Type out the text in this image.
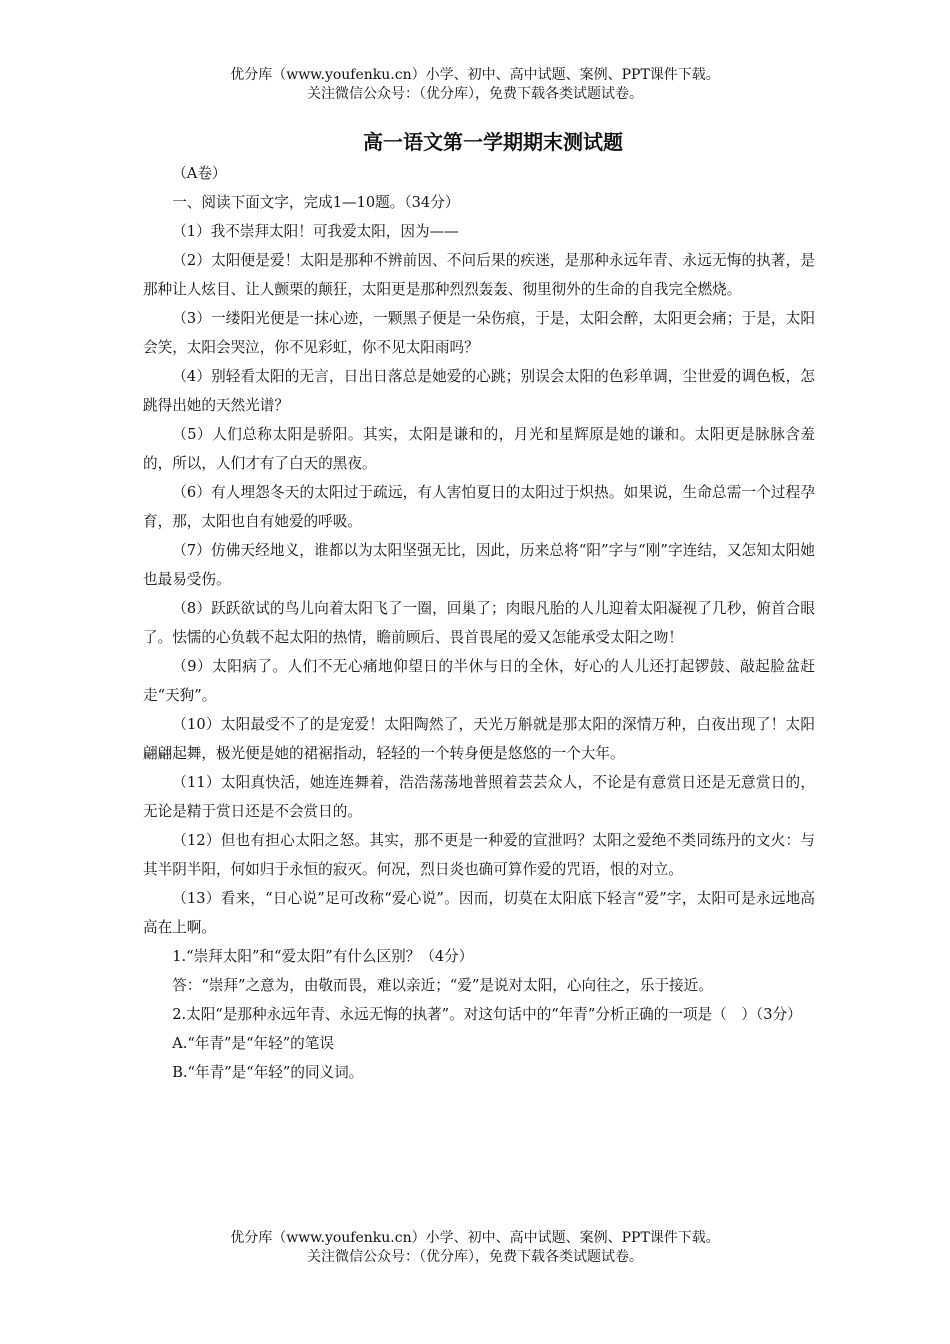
优分库（www.youfenku.cn）小学、初中、高中试题、案例、PPT课件下载。
关注微信公众号：（优分库），免费下载各类试题试卷。
高一语文第一学期期末测试题

（A卷）

一、阅读下面文字，完成1—10题。（34分）

（1）我不崇拜太阳！可我爱太阳，因为——

（2）太阳便是爱！太阳是那种不辨前因、不问后果的疾迷，是那种永远年青、永远无悔的执著，是那种让人炫目、让人颤栗的颠狂，太阳更是那种烈烈轰轰、彻里彻外的生命的自我完全燃烧。

（3）一缕阳光便是一抹心迹，一颗黑子便是一朵伤痕，于是，太阳会醉，太阳更会痛；于是，太阳会笑，太阳会哭泣，你不见彩虹，你不见太阳雨吗？

（4）别轻看太阳的无言，日出日落总是她爱的心跳；别误会太阳的色彩单调，尘世爱的调色板，怎跳得出她的天然光谱？

（5）人们总称太阳是骄阳。其实，太阳是谦和的，月光和星辉原是她的谦和。太阳更是脉脉含羞的，所以，人们才有了白天的黑夜。

（6）有人埋怨冬天的太阳过于疏远，有人害怕夏日的太阳过于炽热。如果说，生命总需一个过程孕育，那，太阳也自有她爱的呼吸。

（7）仿佛天经地义，谁都以为太阳坚强无比，因此，历来总将“阳”字与“刚”字连结，又怎知太阳她也最易受伤。

（8）跃跃欲试的鸟儿向着太阳飞了一圈，回巢了；肉眼凡胎的人儿迎着太阳凝视了几秒，俯首合眼了。怯懦的心负载不起太阳的热情，瞻前顾后、畏首畏尾的爱又怎能承受太阳之吻！

（9）太阳病了。人们不无心痛地仰望日的半休与日的全休，好心的人儿还打起锣鼓、敲起脸盆赶走“天狗”。

（10）太阳最受不了的是宠爱！太阳陶然了，天光万斛就是那太阳的深情万种，白夜出现了！太阳翩翩起舞，极光便是她的裙裾指动，轻轻的一个转身便是悠悠的一个大年。

（11）太阳真快活，她连连舞着，浩浩荡荡地普照着芸芸众人，不论是有意赏日还是无意赏日的，无论是精于赏日还是不会赏日的。

（12）但也有担心太阳之怒。其实，那不更是一种爱的宣泄吗？太阳之爱绝不类同练丹的文火：与其半阴半阳，何如归于永恒的寂灭。何况，烈日炎也确可算作爱的咒语，恨的对立。

（13）看来，“日心说”足可改称“爱心说”。因而，切莫在太阳底下轻言“爱”字，太阳可是永远地高高在上啊。

1.“崇拜太阳”和“爱太阳”有什么区别？（4分）

答：“崇拜”之意为，由敬而畏，难以亲近；“爱”是说对太阳，心向往之，乐于接近。

2.太阳“是那种永远年青、永远无悔的执著”。对这句话中的“年青”分析正确的一项是（　）（3分）

A.“年青”是“年轻”的笔误

B.“年青”是“年轻”的同义词。

优分库（www.youfenku.cn）小学、初中、高中试题、案例、PPT课件下载。
关注微信公众号：（优分库），免费下载各类试题试卷。
